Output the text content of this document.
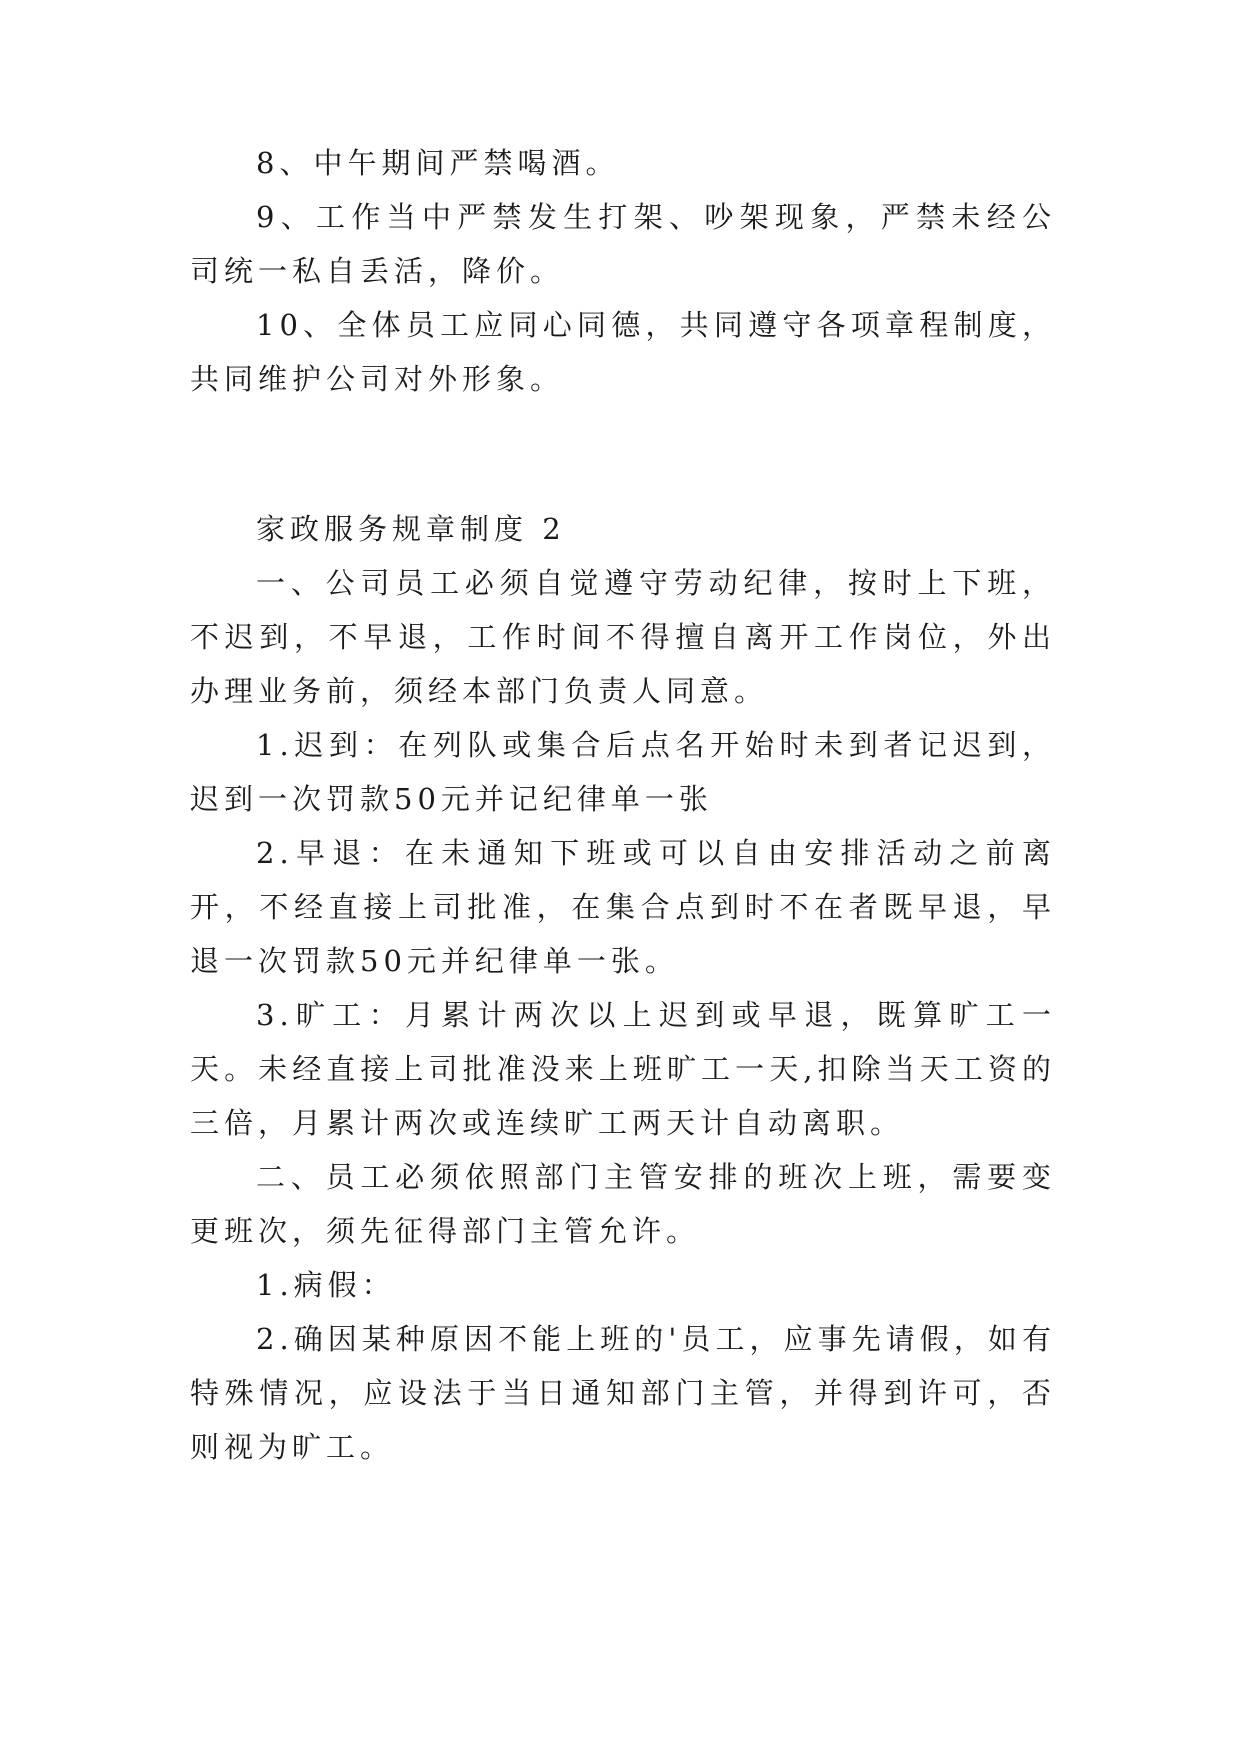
8、中午期间严禁喝酒。

9、工作当中严禁发生打架、吵架现象，严禁未经公司统一私自丢活，降价。

10、全体员工应同心同德，共同遵守各项章程制度，共同维护公司对外形象。

家政服务规章制度 2

一、公司员工必须自觉遵守劳动纪律，按时上下班，不迟到，不早退，工作时间不得擅自离开工作岗位，外出办理业务前，须经本部门负责人同意。

1.迟到：在列队或集合后点名开始时未到者记迟到，迟到一次罚款50元并记纪律单一张

2.早退：在未通知下班或可以自由安排活动之前离开，不经直接上司批准，在集合点到时不在者既早退，早退一次罚款50元并纪律单一张。

3.旷工：月累计两次以上迟到或早退，既算旷工一天。未经直接上司批准没来上班旷工一天,扣除当天工资的三倍，月累计两次或连续旷工两天计自动离职。

二、员工必须依照部门主管安排的班次上班，需要变更班次，须先征得部门主管允许。

1.病假：

2.确因某种原因不能上班的'员工，应事先请假，如有特殊情况，应设法于当日通知部门主管，并得到许可，否则视为旷工。
